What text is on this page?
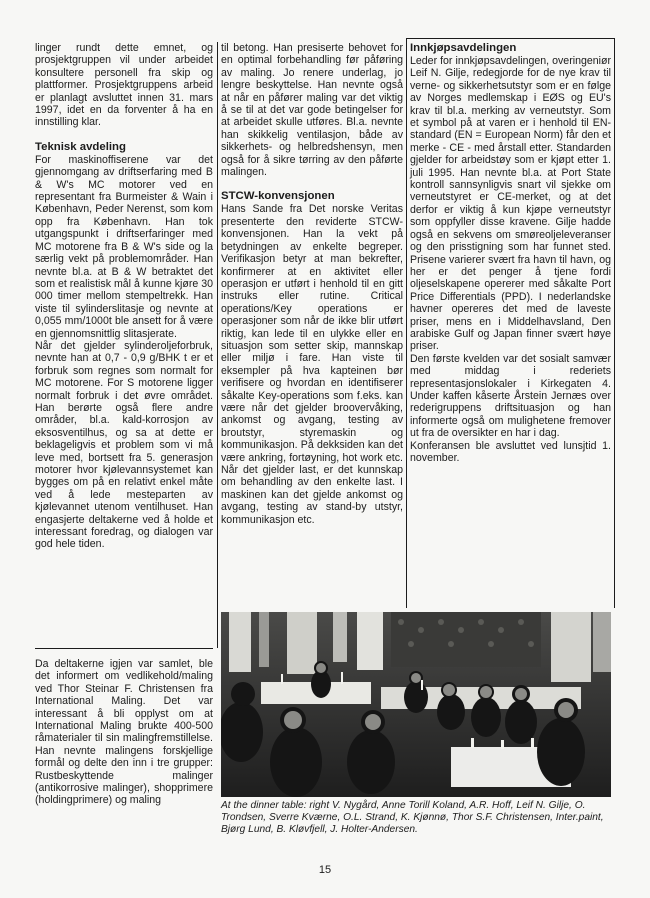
linger rundt dette emnet, og prosjektgruppen vil under arbeidet konsultere personell fra skip og plattformer. Prosjektgruppens arbeid er planlagt avsluttet innen 31. mars 1997, idet en da forventer å ha en innstilling klar.

Teknisk avdeling

For maskinoffiserene var det gjennomgang av driftserfaring med B & W's MC motorer ved en representant fra Burmeister & Wain i København, Peder Nerenst, som kom opp fra København. Han tok utgangspunkt i driftserfaringer med MC motorene fra B & W's side og la særlig vekt på problemområder. Han nevnte bl.a. at B & W betraktet det som et realistisk mål å kunne kjøre 30 000 timer mellom stempeltrekk. Han viste til sylinderslitasje og nevnte at 0,055 mm/1000t ble ansett for å være en gjennomsnittlig slitasjerate.

Når det gjelder sylinderoljeforbruk, nevnte han at 0,7 - 0,9 g/BHK t er et forbruk som regnes som normalt for MC motorene. For S motorene ligger normalt forbruk i det øvre området. Han berørte også flere andre områder, bl.a. kald-korrosjon av eksosventilhus, og sa at dette er beklageligvis et problem som vi må leve med, bortsett fra 5. generasjon motorer hvor kjølevannsystemet kan bygges om på en relativt enkel måte ved å lede mesteparten av kjølevannet utenom ventilhuset. Han engasjerte deltakerne ved å holde et interessant foredrag, og dialogen var god hele tiden.

Da deltakerne igjen var samlet, ble det informert om vedlikehold/maling ved Thor Steinar F. Christensen fra International Maling. Det var interessant å bli opplyst om at International Maling brukte 400-500 råmaterialer til sin malingfremstillelse. Han nevnte malingens forskjellige formål og delte den inn i tre grupper: Rustbeskyttende malinger (antikorrosive malinger), shopprimere (holdingprimere) og maling

til betong. Han presiserte behovet for en optimal forbehandling før påføring av maling. Jo renere underlag, jo lengre beskyttelse. Han nevnte også at når en påfører maling var det viktig å se til at det var gode betingelser for at arbeidet skulle utføres. Bl.a. nevnte han skikkelig ventilasjon, både av sikkerhets- og helbredshensyn, men også for å sikre tørring av den påførte malingen.

STCW-konvensjonen

Hans Sande fra Det norske Veritas presenterte den reviderte STCW-konvensjonen. Han la vekt på betydningen av enkelte begreper. Verifikasjon betyr at man bekrefter, konfirmerer at en aktivitet eller operasjon er utført i henhold til en gitt instruks eller rutine. Critical operations/Key operations er operasjoner som når de ikke blir utført riktig, kan lede til en ulykke eller en situasjon som setter skip, mannskap eller miljø i fare. Han viste til eksempler på hva kapteinen bør verifisere og hvordan en identifiserer såkalte Key-operations som f.eks. kan være når det gjelder broovervåking, ankomst og avgang, testing av broutstyr, styremaskin og kommunikasjon. På dekksiden kan det være ankring, fortøyning, hot work etc. Når det gjelder last, er det kunnskap om behandling av den enkelte last. I maskinen kan det gjelde ankomst og avgang, testing av stand-by utstyr, kommunikasjon etc.

Innkjøpsavdelingen

Leder for innkjøpsavdelingen, overingeniør Leif N. Gilje, redegjorde for de nye krav til verne- og sikkerhetsutstyr som er en følge av Norges medlemskap i EØS og EU's krav til bl.a. merking av verneutstyr. Som et symbol på at varen er i henhold til EN-standard (EN = European Norm) får den et merke - CE - med årstall etter. Standarden gjelder for arbeidstøy som er kjøpt etter 1. juli 1995. Han nevnte bl.a. at Port State kontroll sannsynligvis snart vil sjekke om verneutstyret er CE-merket, og at det derfor er viktig å kun kjøpe verneutstyr som oppfyller disse kravene. Gilje hadde også en sekvens om smøreoljeleveranser og den prisstigning som har funnet sted. Prisene varierer svært fra havn til havn, og her er det penger å tjene fordi oljeselskapene opererer med såkalte Port Price Differentials (PPD). I nederlandske havner opereres det med de laveste priser, mens en i Middelhavsland, Den arabiske Gulf og Japan finner svært høye priser.

Den første kvelden var det sosialt samvær med middag i rederiets representasjonslokaler i Kirkegaten 4. Under kaffen kåserte Årstein Jernæs over rederigruppens driftsituasjon og han informerte også om mulighetene fremover ut fra de oversikter en har i dag.

Konferansen ble avsluttet ved lunsjtid 1. november.

At the dinner table: right V. Nygård, Anne Torill Koland, A.R. Hoff, Leif N. Gilje, O. Trondsen, Sverre Kværne, O.L. Strand, K. Kjønnø, Thor S.F. Christensen, Inter.paint, Bjørg Lund, B. Kløvfjell, J. Holter-Andersen.
15
